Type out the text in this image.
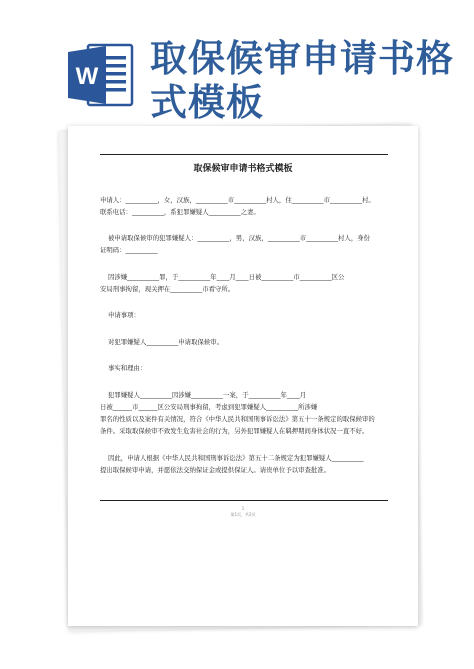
W 取保候审申请书格
式模板
取保候审申请书格式模板
申请人：__________，女，汉族，__________市__________村人，住__________市__________村。
联系电话：__________，系犯罪嫌疑人__________之妻。
被申请取保候审的犯罪嫌疑人：__________，男，汉族，__________市__________村人，身份
证明码：__________
因涉嫌__________罪，于__________年____月____日被__________市__________区公
安局刑事拘留，现关押在__________市看守所。
申请事项：
对犯罪嫌疑人__________申请取保候审。
事实和理由：
犯罪嫌疑人__________因涉嫌__________一案，于__________年____月
日被______市______区公安局刑事拘留，考虑到犯罪嫌疑人__________所涉嫌
罪名的性质以及案件有关情况，符合《中华人民共和国刑事诉讼法》第五十一条规定的取保候审的
条件。采取取保候审不致发生危害社会的行为，另外犯罪嫌疑人在羁押期间身体状况一直不好。
因此，申请人根据《中华人民共和国刑事诉讼法》第五十二条规定为犯罪嫌疑人__________
提出取保候审申请，并愿依法交纳保证金或提供保证人。请贵单位予以审查批准。
1
第1页，共2页
